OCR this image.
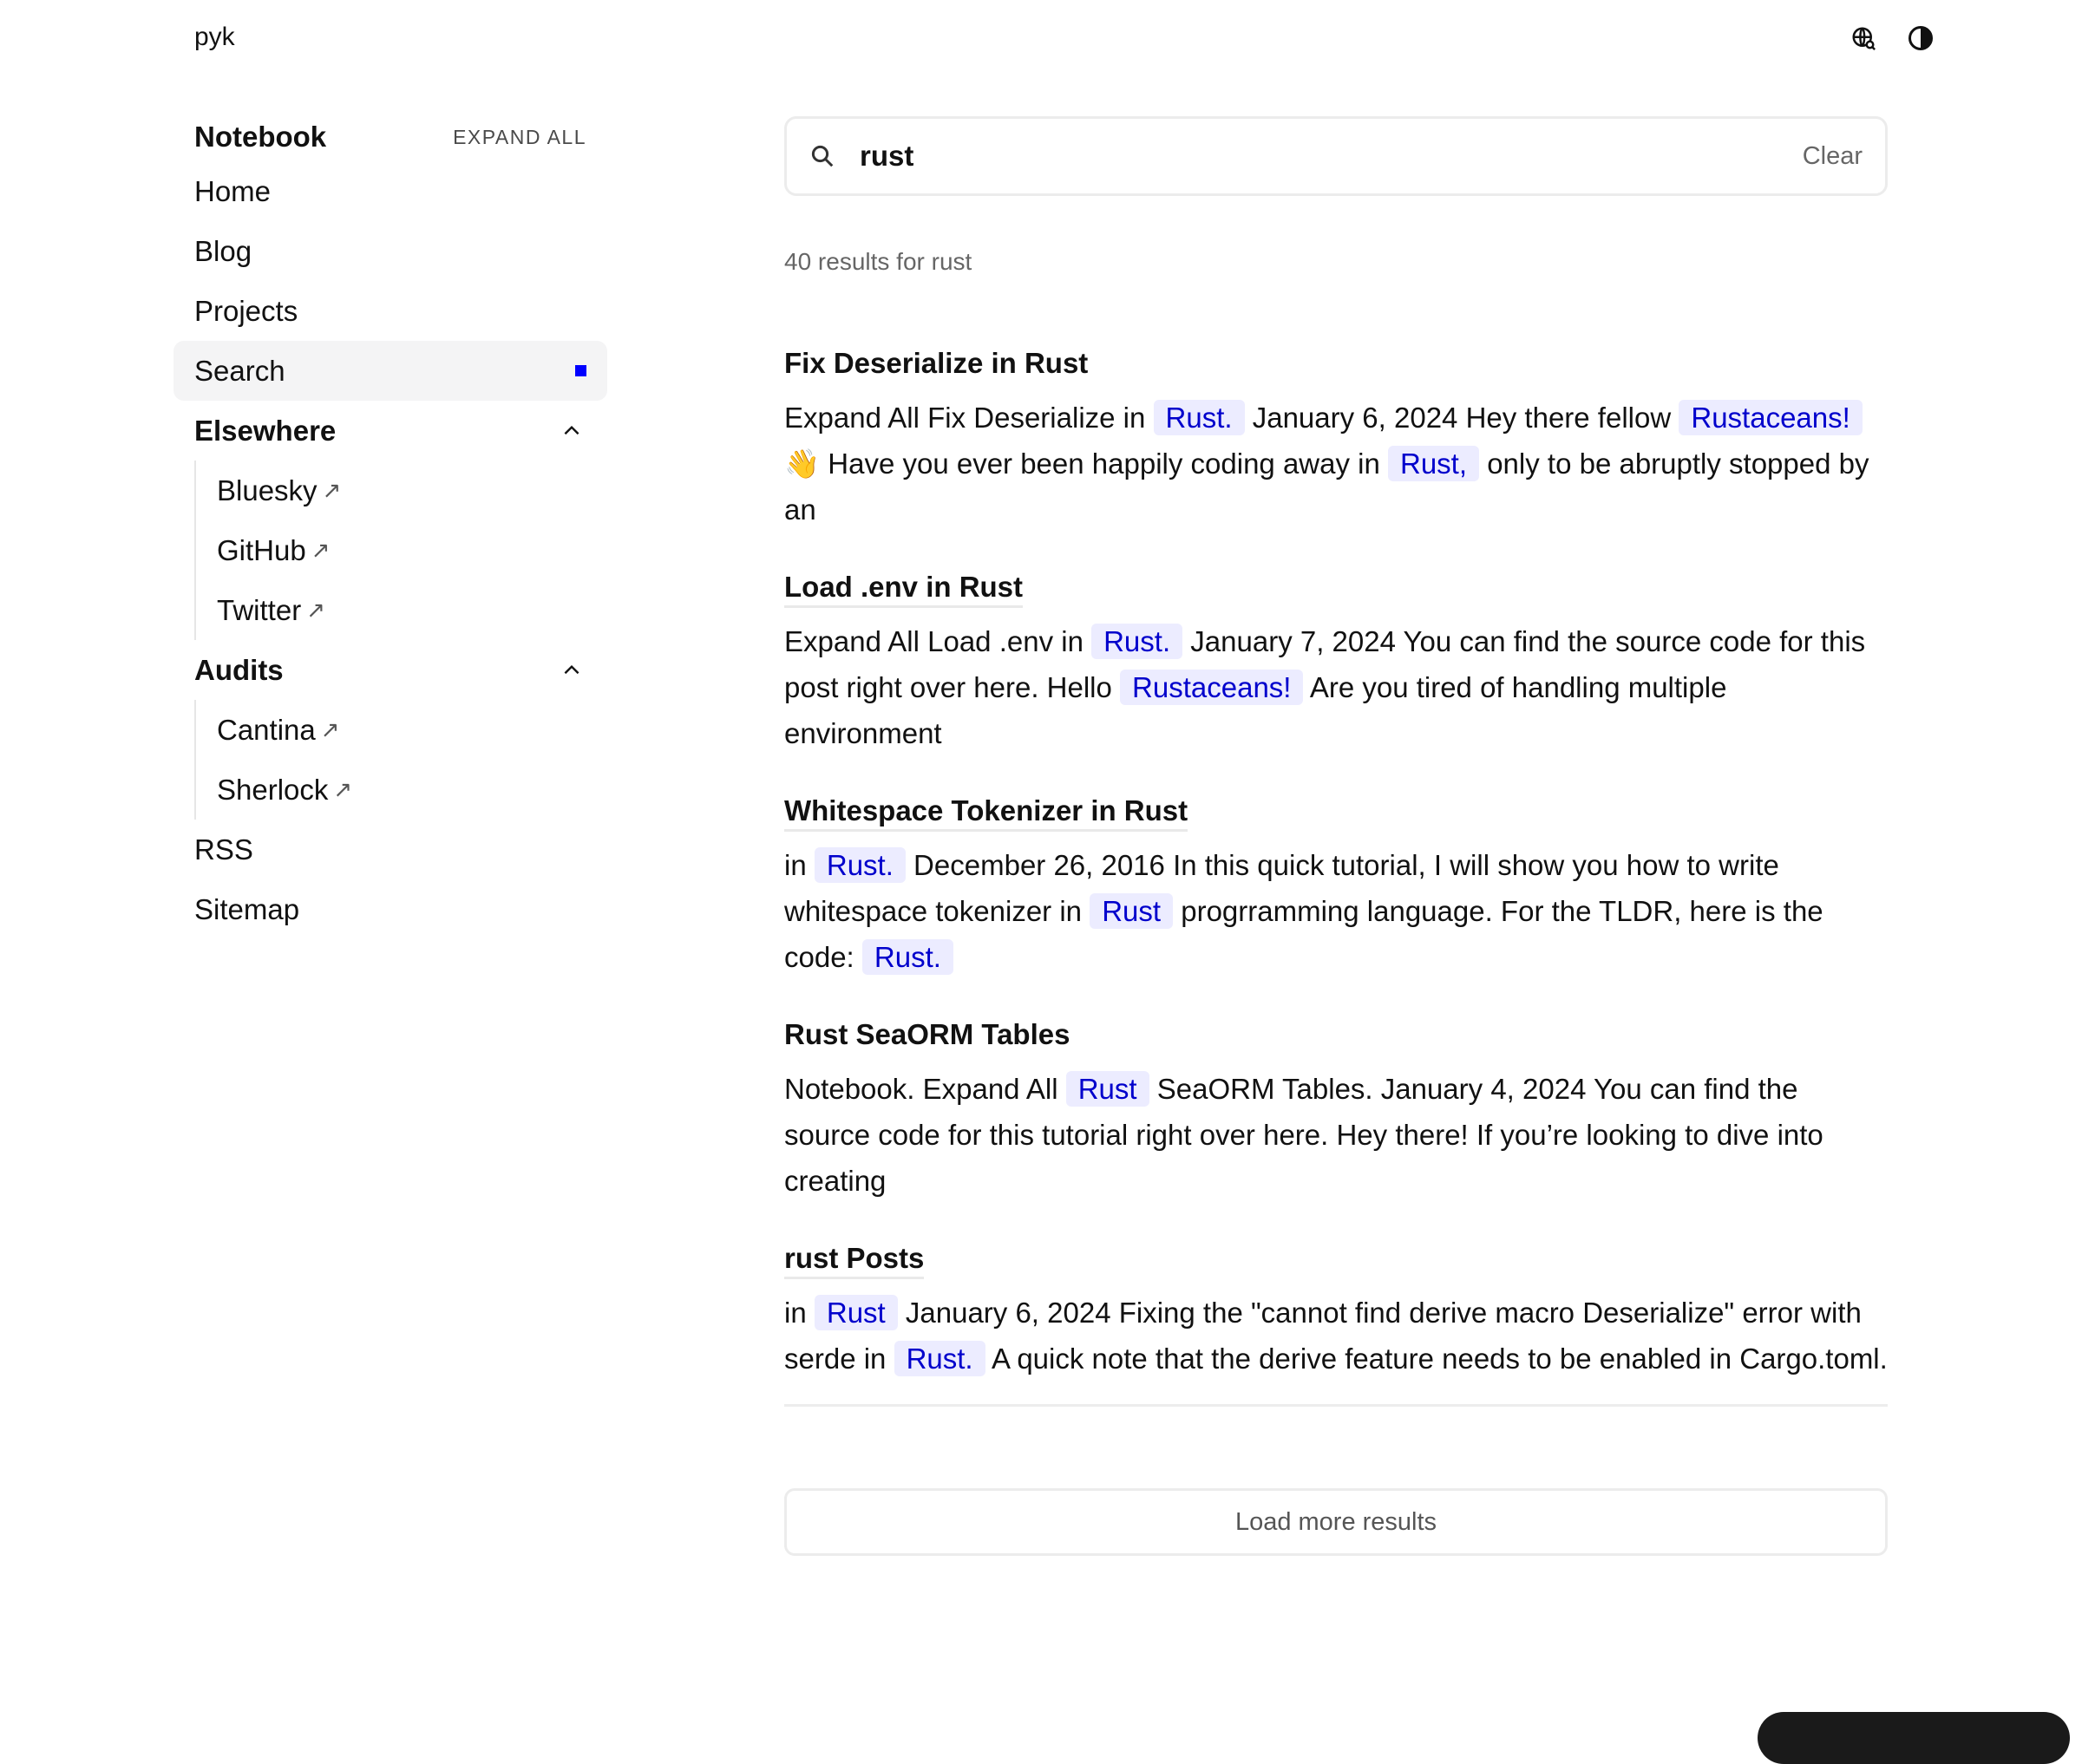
pyk
Notebook	EXPAND ALL
Home
Blog
Projects
Search
Elsewhere
Bluesky ↗
GitHub ↗
Twitter ↗
Audits
Cantina ↗
Sherlock ↗
RSS
Sitemap
rust
Clear
40 results for rust
Fix Deserialize in Rust
Expand All Fix Deserialize in Rust. January 6, 2024 Hey there fellow Rustaceans! 👋 Have you ever been happily coding away in Rust, only to be abruptly stopped by an
Load .env in Rust
Expand All Load .env in Rust. January 7, 2024 You can find the source code for this post right over here. Hello Rustaceans! Are you tired of handling multiple environment
Whitespace Tokenizer in Rust
in Rust. December 26, 2016 In this quick tutorial, I will show you how to write whitespace tokenizer in Rust progrramming language. For the TLDR, here is the code: Rust.
Rust SeaORM Tables
Notebook. Expand All Rust SeaORM Tables. January 4, 2024 You can find the source code for this tutorial right over here. Hey there! If you’re looking to dive into creating
rust Posts
in Rust January 6, 2024 Fixing the "cannot find derive macro Deserialize" error with serde in Rust. A quick note that the derive feature needs to be enabled in Cargo.toml.
Load more results
